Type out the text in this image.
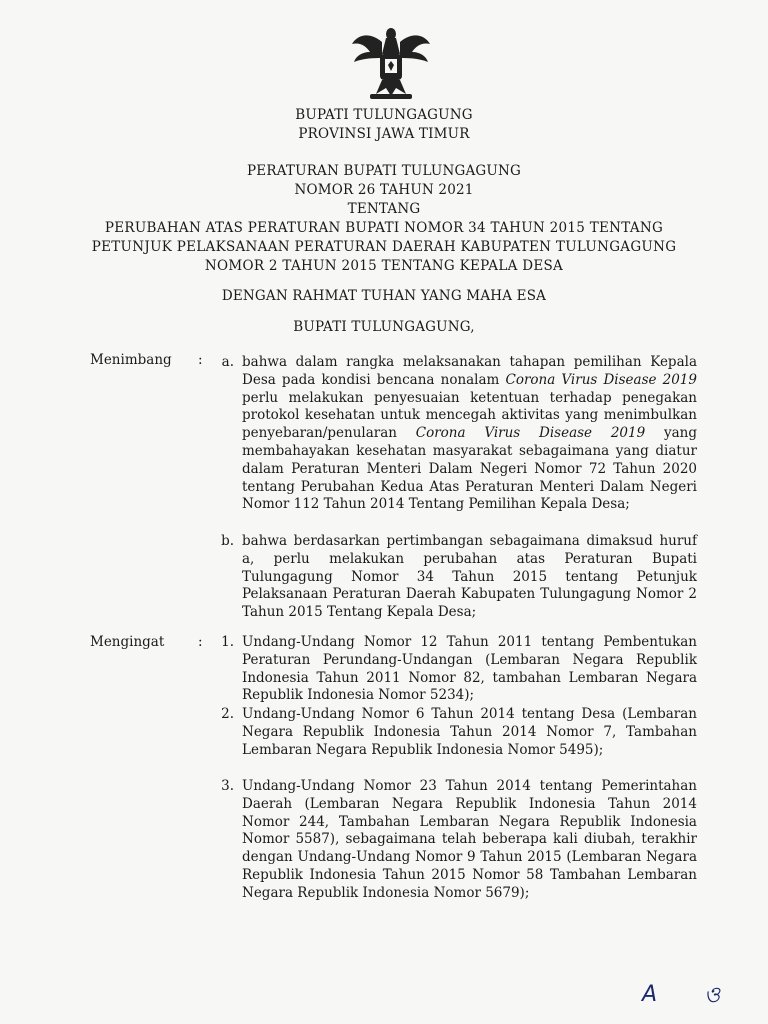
BUPATI TULUNGAGUNG
PROVINSI JAWA TIMUR
PERATURAN BUPATI TULUNGAGUNG
NOMOR 26 TAHUN 2021
TENTANG
PERUBAHAN ATAS PERATURAN BUPATI NOMOR 34 TAHUN 2015 TENTANG
PETUNJUK PELAKSANAAN PERATURAN DAERAH KABUPATEN TULUNGAGUNG
NOMOR 2 TAHUN 2015 TENTANG KEPALA DESA
DENGAN RAHMAT TUHAN YANG MAHA ESA
BUPATI TULUNGAGUNG,
Menimbang :	a. bahwa dalam rangka melaksanakan tahapan pemilihan Kepala Desa pada kondisi bencana nonalam Corona Virus Disease 2019 perlu melakukan penyesuaian ketentuan terhadap penegakan protokol kesehatan untuk mencegah aktivitas yang menimbulkan penyebaran/penularan Corona Virus Disease 2019 yang membahayakan kesehatan masyarakat sebagaimana yang diatur dalam Peraturan Menteri Dalam Negeri Nomor 72 Tahun 2020 tentang Perubahan Kedua Atas Peraturan Menteri Dalam Negeri Nomor 112 Tahun 2014 Tentang Pemilihan Kepala Desa;
b. bahwa berdasarkan pertimbangan sebagaimana dimaksud huruf a, perlu melakukan perubahan atas Peraturan Bupati Tulungagung Nomor 34 Tahun 2015 tentang Petunjuk Pelaksanaan Peraturan Daerah Kabupaten Tulungagung Nomor 2 Tahun 2015 Tentang Kepala Desa;
Mengingat :	1. Undang-Undang Nomor 12 Tahun 2011 tentang Pembentukan Peraturan Perundang-Undangan (Lembaran Negara Republik Indonesia Tahun 2011 Nomor 82, tambahan Lembaran Negara Republik Indonesia Nomor 5234);
2. Undang-Undang Nomor 6 Tahun 2014 tentang Desa (Lembaran Negara Republik Indonesia Tahun 2014 Nomor 7, Tambahan Lembaran Negara Republik Indonesia Nomor 5495);
3. Undang-Undang Nomor 23 Tahun 2014 tentang Pemerintahan Daerah (Lembaran Negara Republik Indonesia Tahun 2014 Nomor 244, Tambahan Lembaran Negara Republik Indonesia Nomor 5587), sebagaimana telah beberapa kali diubah, terakhir dengan Undang-Undang Nomor 9 Tahun 2015 (Lembaran Negara Republik Indonesia Tahun 2015 Nomor 58 Tambahan Lembaran Negara Republik Indonesia Nomor 5679);
A ও
